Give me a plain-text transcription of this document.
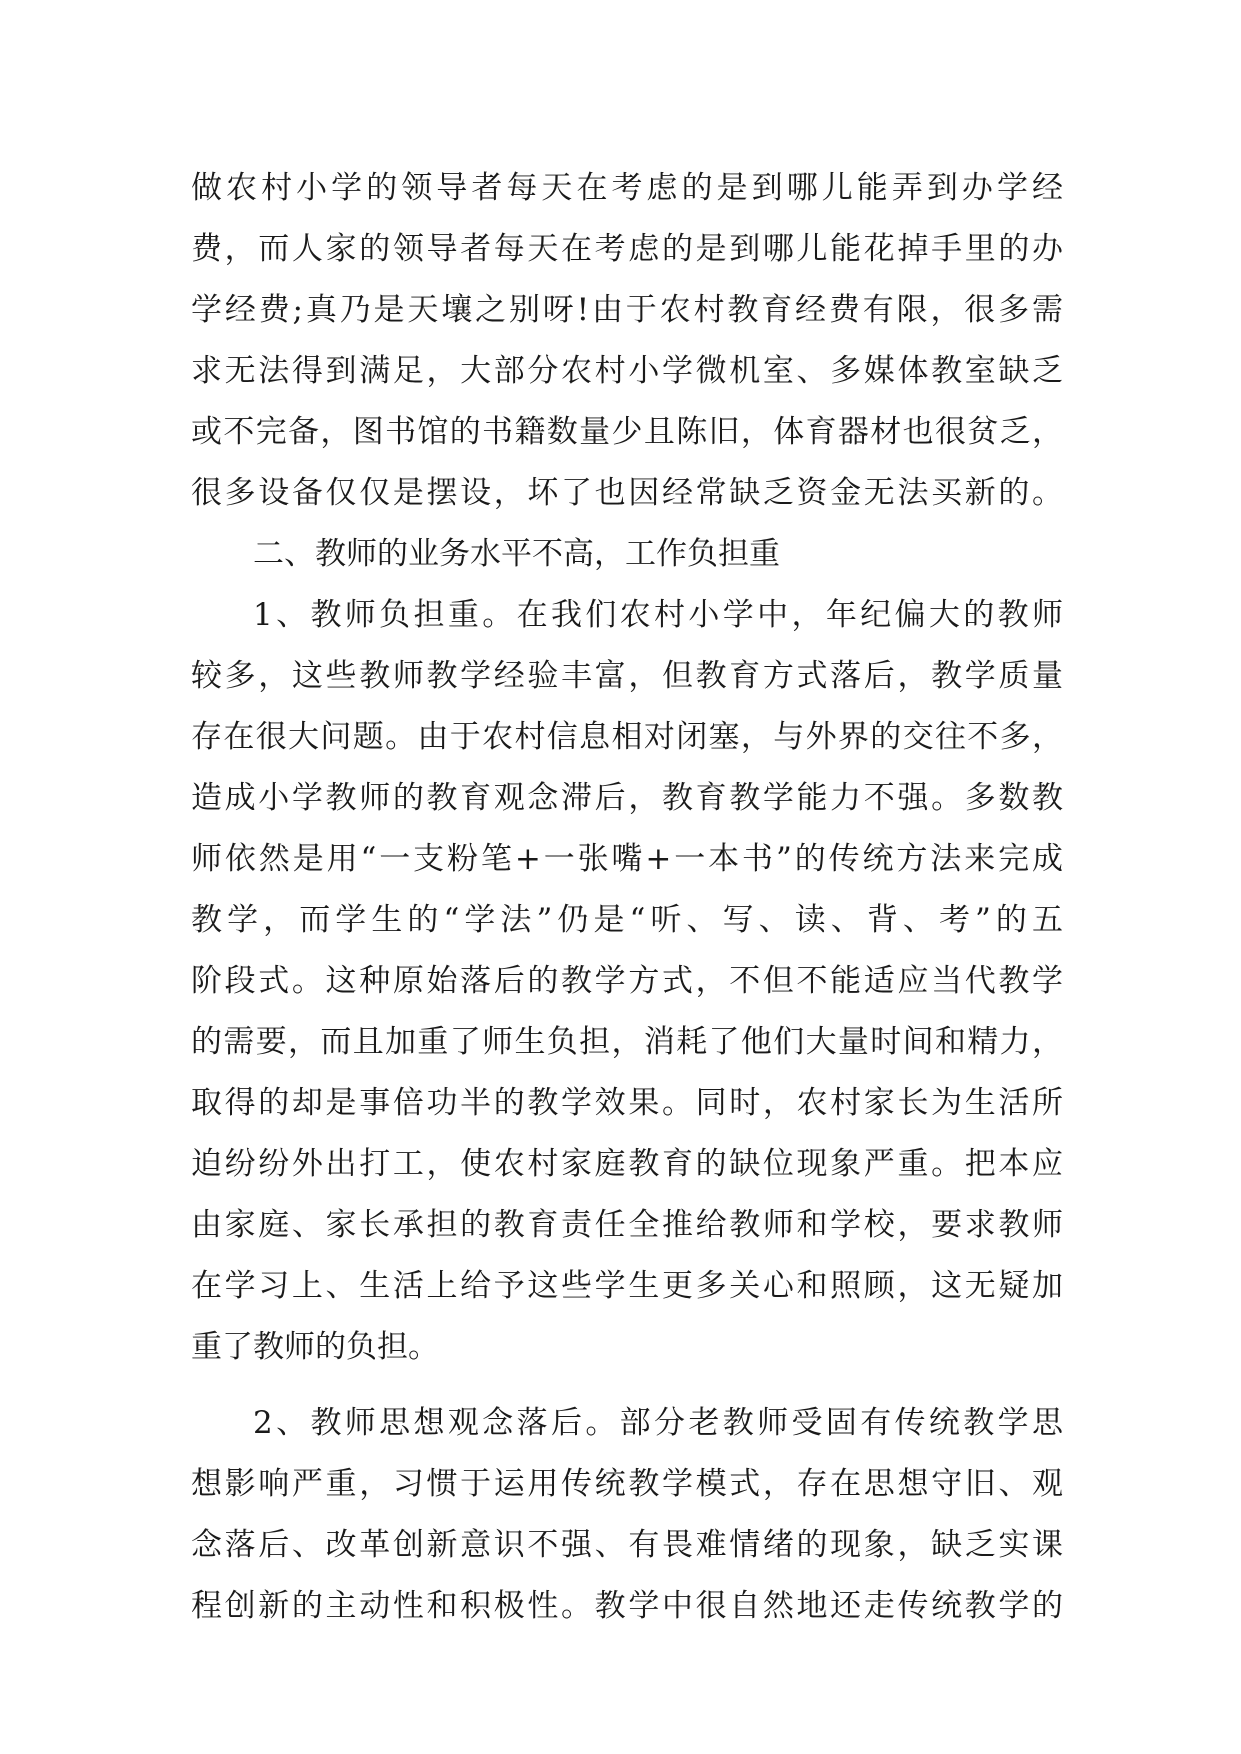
做农村小学的领导者每天在考虑的是到哪儿能弄到办学经
费，而人家的领导者每天在考虑的是到哪儿能花掉手里的办
学经费;真乃是天壤之别呀!由于农村教育经费有限，很多需
求无法得到满足，大部分农村小学微机室、多媒体教室缺乏
或不完备，图书馆的书籍数量少且陈旧，体育器材也很贫乏，
很多设备仅仅是摆设，坏了也因经常缺乏资金无法买新的。
二、教师的业务水平不高，工作负担重
1、教师负担重。在我们农村小学中，年纪偏大的教师
较多，这些教师教学经验丰富，但教育方式落后，教学质量
存在很大问题。由于农村信息相对闭塞，与外界的交往不多，
造成小学教师的教育观念滞后，教育教学能力不强。多数教
师依然是用“一支粉笔+一张嘴+一本书”的传统方法来完成
教学，而学生的“学法”仍是“听、写、读、背、考”的五
阶段式。这种原始落后的教学方式，不但不能适应当代教学
的需要，而且加重了师生负担，消耗了他们大量时间和精力，
取得的却是事倍功半的教学效果。同时，农村家长为生活所
迫纷纷外出打工，使农村家庭教育的缺位现象严重。把本应
由家庭、家长承担的教育责任全推给教师和学校，要求教师
在学习上、生活上给予这些学生更多关心和照顾，这无疑加
重了教师的负担。
2、教师思想观念落后。部分老教师受固有传统教学思
想影响严重，习惯于运用传统教学模式，存在思想守旧、观
念落后、改革创新意识不强、有畏难情绪的现象，缺乏实课
程创新的主动性和积极性。教学中很自然地还走传统教学的
